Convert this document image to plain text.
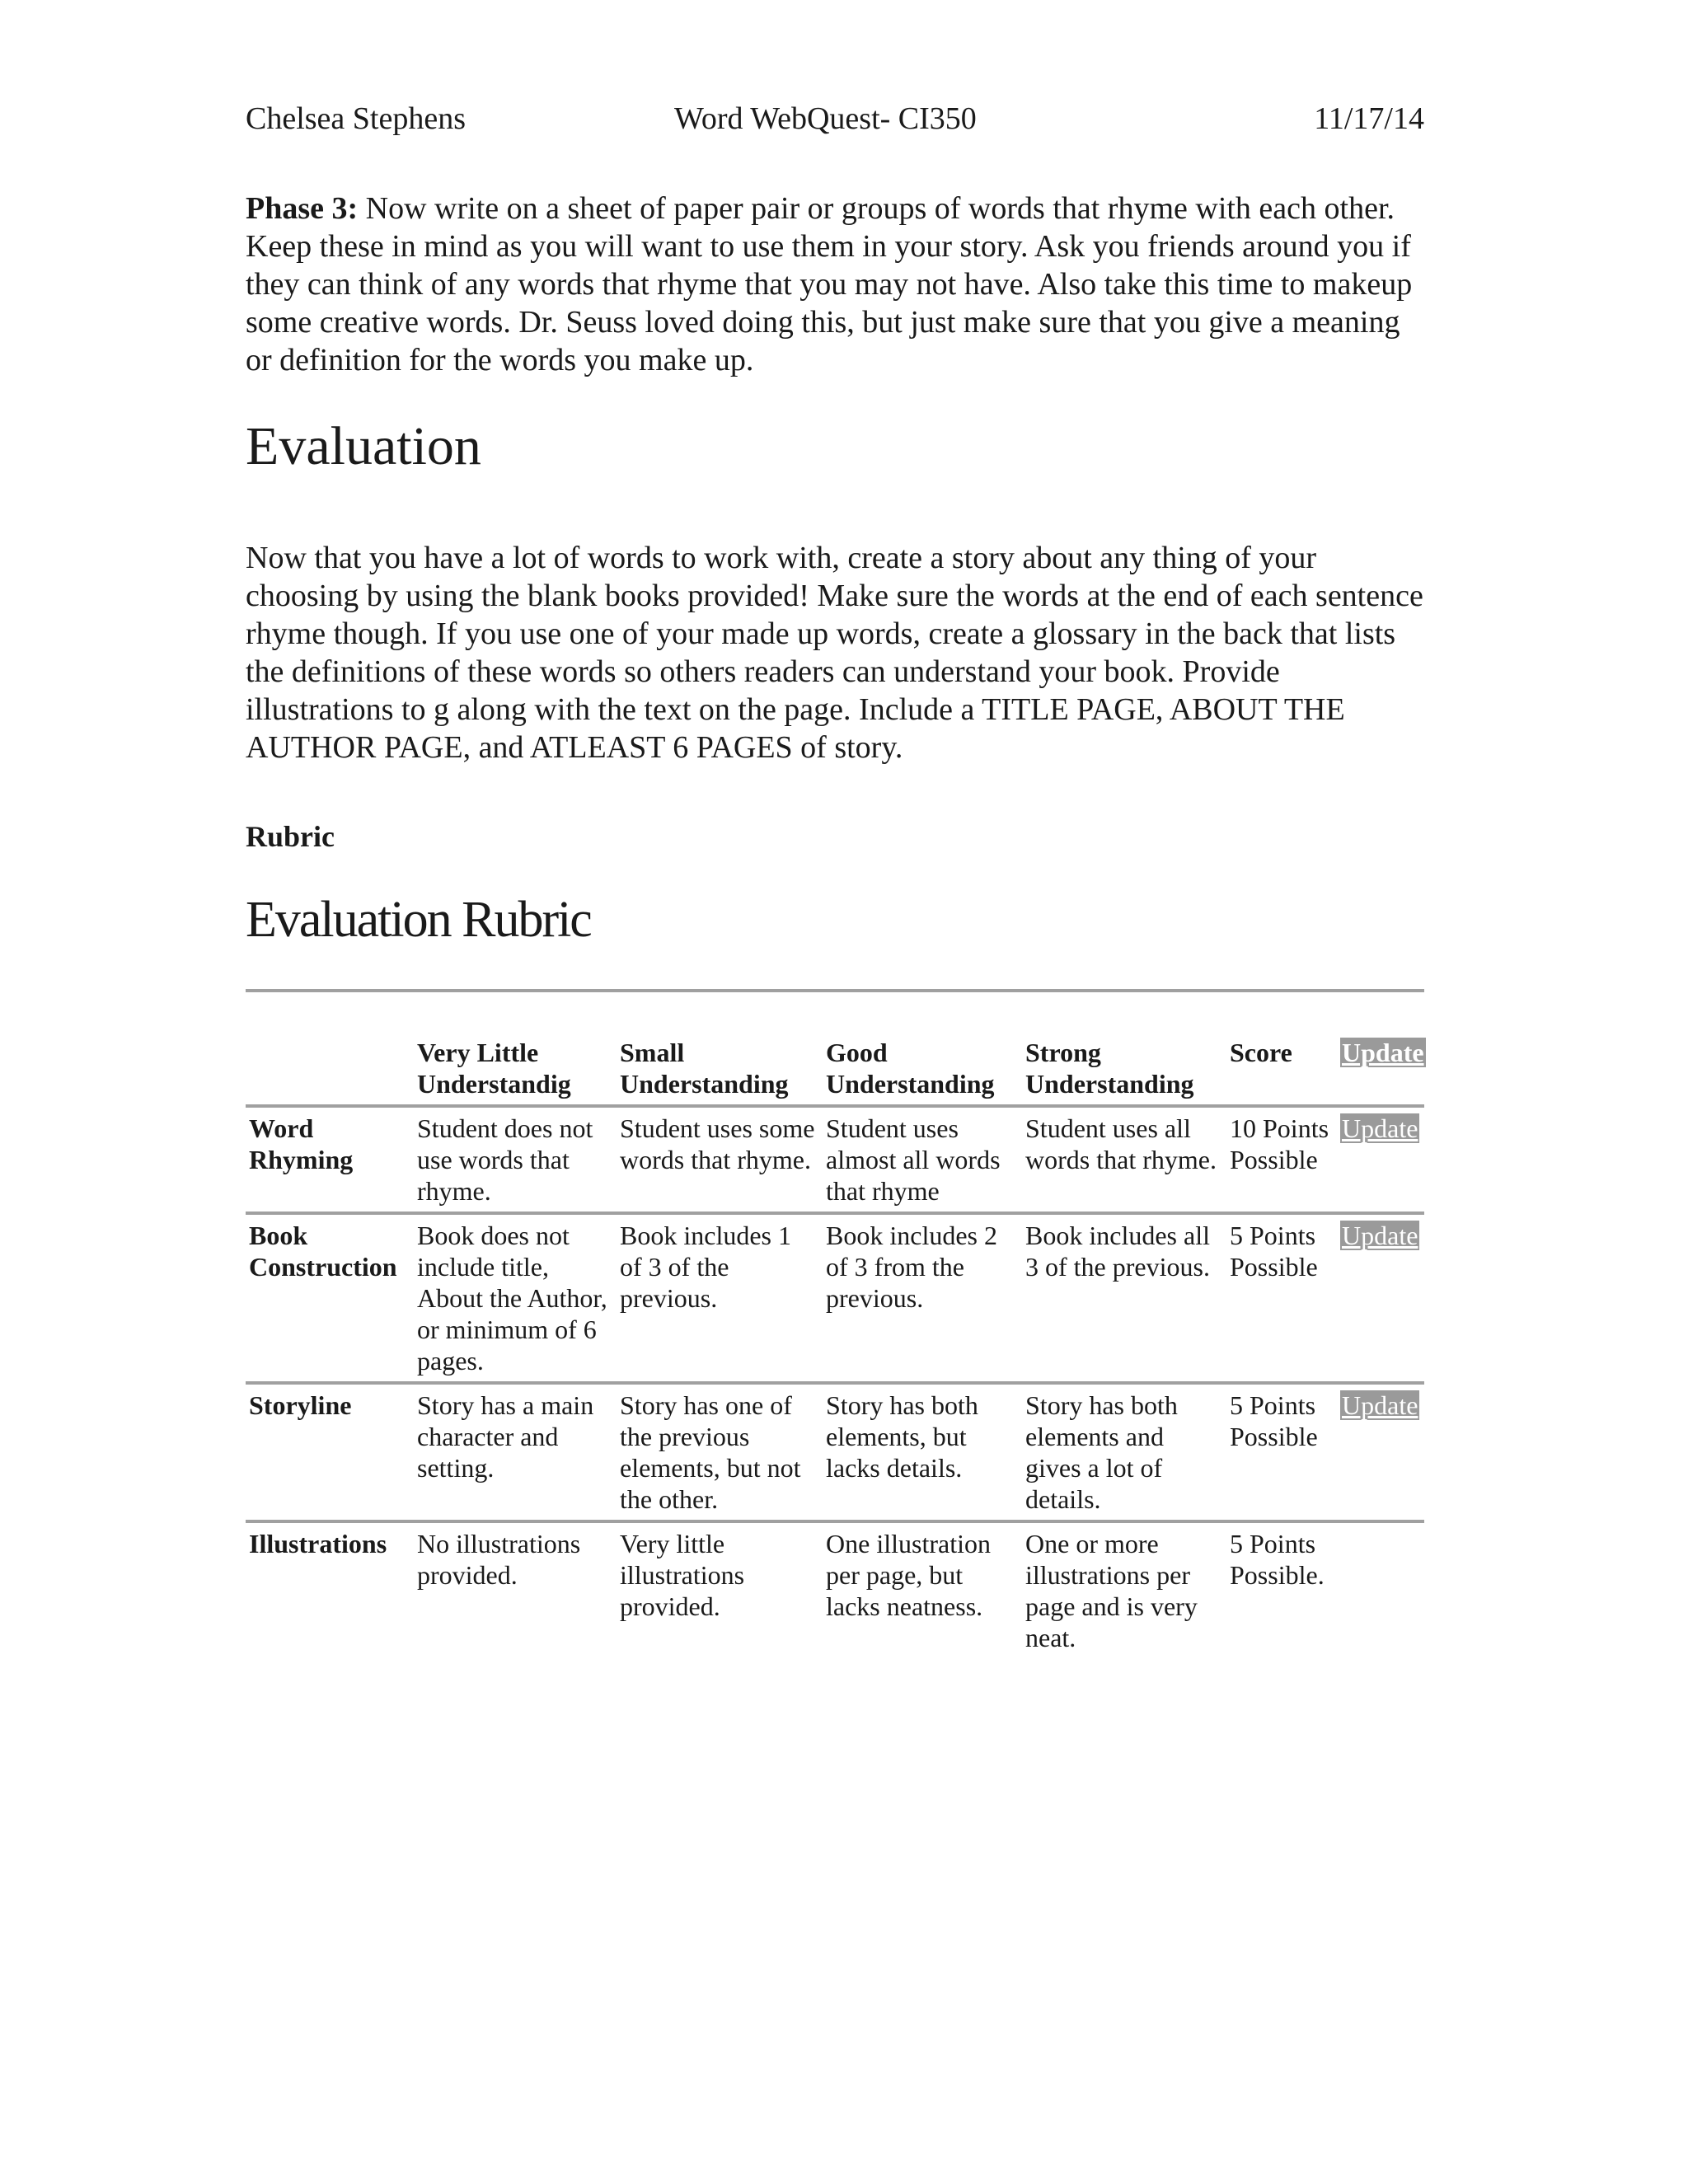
Chelsea Stephens	Word WebQuest- CI350	11/17/14

Phase 3: Now write on a sheet of paper pair or groups of words that rhyme with each other. Keep these in mind as you will want to use them in your story. Ask you friends around you if they can think of any words that rhyme that you may not have. Also take this time to makeup some creative words. Dr. Seuss loved doing this, but just make sure that you give a meaning or definition for the words you make up.

Evaluation

Now that you have a lot of words to work with, create a story about any thing of your choosing by using the blank books provided! Make sure the words at the end of each sentence rhyme though. If you use one of your made up words, create a glossary in the back that lists the definitions of these words so others readers can understand your book. Provide illustrations to g along with the text on the page. Include a TITLE PAGE, ABOUT THE AUTHOR PAGE, and ATLEAST 6 PAGES of story.

Rubric
Evaluation Rubric
	Very Little Understandig	Small Understanding	Good Understanding	Strong Understanding	Score	Update
Word Rhyming	Student does not use words that rhyme.	Student uses some words that rhyme.	Student uses almost all words that rhyme	Student uses all words that rhyme.	10 Points Possible	Update
Book Construction	Book does not include title, About the Author, or minimum of 6 pages.	Book includes 1 of 3 of the previous.	Book includes 2 of 3 from the previous.	Book includes all 3 of the previous.	5 Points Possible	Update
Storyline	Story has a main character and setting.	Story has one of the previous elements, but not the other.	Story has both elements, but lacks details.	Story has both elements and gives a lot of details.	5 Points Possible	Update
Illustrations	No illustrations provided.	Very little illustrations provided.	One illustration per page, but lacks neatness.	One or more illustrations per page and is very neat.	5 Points Possible.	
